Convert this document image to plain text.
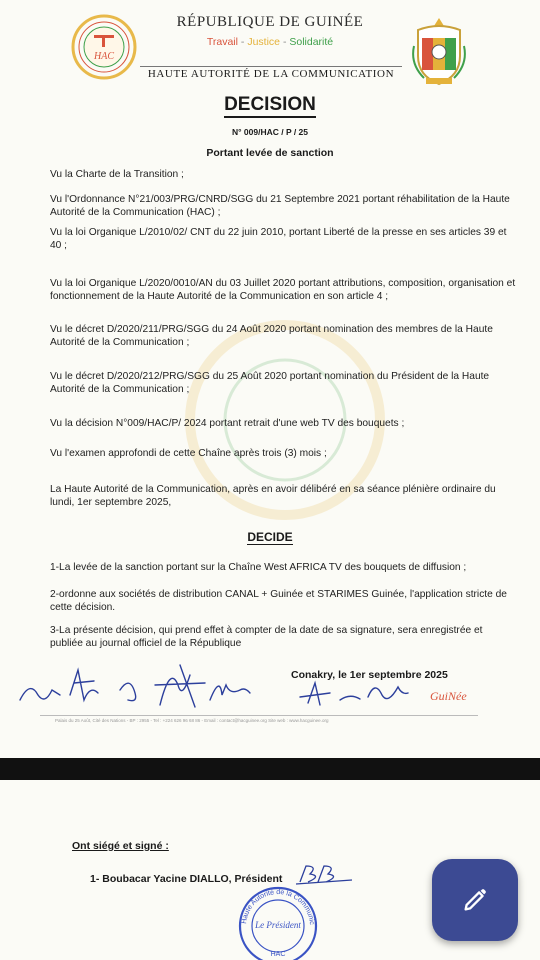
HAC
RÉPUBLIQUE DE GUINÉE
Travail - Justice - Solidarité
HAUTE AUTORITÉ DE LA COMMUNICATION
DECISION
N° 009/HAC / P / 25
Portant levée de sanction
Vu la Charte de la Transition ;
Vu l'Ordonnance N°21/003/PRG/CNRD/SGG du 21 Septembre 2021 portant réhabilitation de la Haute Autorité de la Communication (HAC) ;
Vu la loi Organique L/2010/02/ CNT du 22 juin 2010, portant Liberté de la presse en ses articles 39 et 40 ;
Vu la loi Organique L/2020/0010/AN du 03 Juillet 2020 portant attributions, composition, organisation et fonctionnement de la Haute Autorité de la Communication en son article 4 ;
Vu le décret D/2020/211/PRG/SGG du 24 Août 2020 portant nomination des membres de la Haute Autorité de la Communication ;
Vu le décret D/2020/212/PRG/SGG du 25 Août 2020 portant nomination du Président de la Haute Autorité de la Communication ;
Vu la décision N°009/HAC/P/ 2024 portant retrait d'une web TV des bouquets ;
Vu l'examen approfondi de cette Chaîne après trois (3) mois ;
La Haute Autorité de la Communication, après en avoir délibéré en sa séance plénière ordinaire du lundi, 1er septembre 2025,
DECIDE
1-La levée de la sanction portant sur la Chaîne West AFRICA TV des bouquets de diffusion ;
2-ordonne aux sociétés de distribution CANAL + Guinée et STARIMES Guinée, l'application stricte de cette décision.
3-La présente décision, qui prend effet à compter de la date de sa signature, sera enregistrée et publiée au journal officiel de la République
Conakry, le 1er septembre 2025
GuiNée
Palais du 25 Août, Cité des Nations - BP : 2955 - Tel : +224 626 96 68 86 - Email : contact@hacguinee.org Site web : www.hacguinee.org
Ont siégé et signé :
1- Boubacar Yacine DIALLO, Président
Haute Autorité de la Communic
Le Président
HAC
